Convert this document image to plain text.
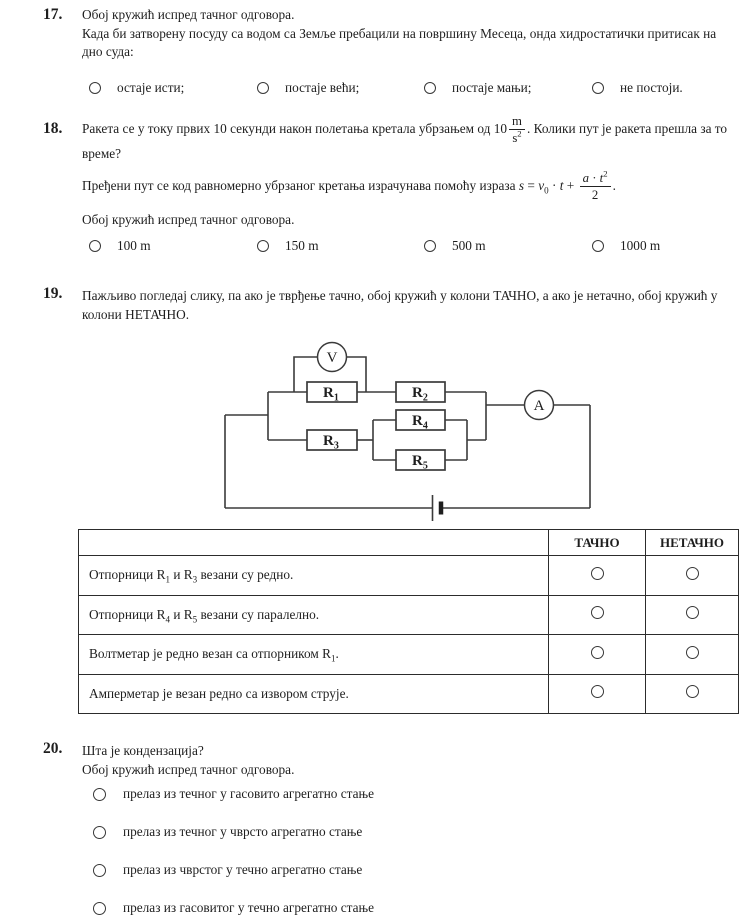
17. Обој кружић испред тачног одговора.

Када би затворену посуду са водом са Земље пребацили на површину Месеца, онда хидростатички притисак на дно суда:

остаје исти;	постаје већи;	постаје мањи;	не постоји.
18. Ракета се у току првих 10 секунди након полетања кретала убрзањем од $10 \frac{m}{s^2}$ . Колики пут је ракета прешла за то време?

Пређени пут се код равномерно убрзаног кретања израчунава помоћу израза $s = v_0 \cdot t + \frac{a \cdot t^2}{2}$ .

Обој кружић испред тачног одговора.

100 m	150 m	500 m	1000 m
19. Пажљиво погледај слику, па ако је тврђење тачно, обој кружић у колони ТАЧНО, а ако је нетачно, обој кружић у колони НЕТАЧНО.

V
A
$R_1$	$R_2$
$R_3$
$R_4$
$R_5$
	ТАЧНО	НЕТАЧНО
Отпорници $R_1$ и $R_3$ везани су редно.		
Отпорници $R_4$ и $R_5$ везани су паралелно.		
Волтметар је редно везан са отпорником $R_1$.		
Амперметар је везан редно са извором струје.		
20. Шта је кондензација?

Обој кружић испред тачног одговора.

прелаз из течног у гасовито агрегатно стање
прелаз из течног у чврсто агрегатно стање
прелаз из чврстог у течно агрегатно стање
прелаз из гасовитог у течно агрегатно стање
